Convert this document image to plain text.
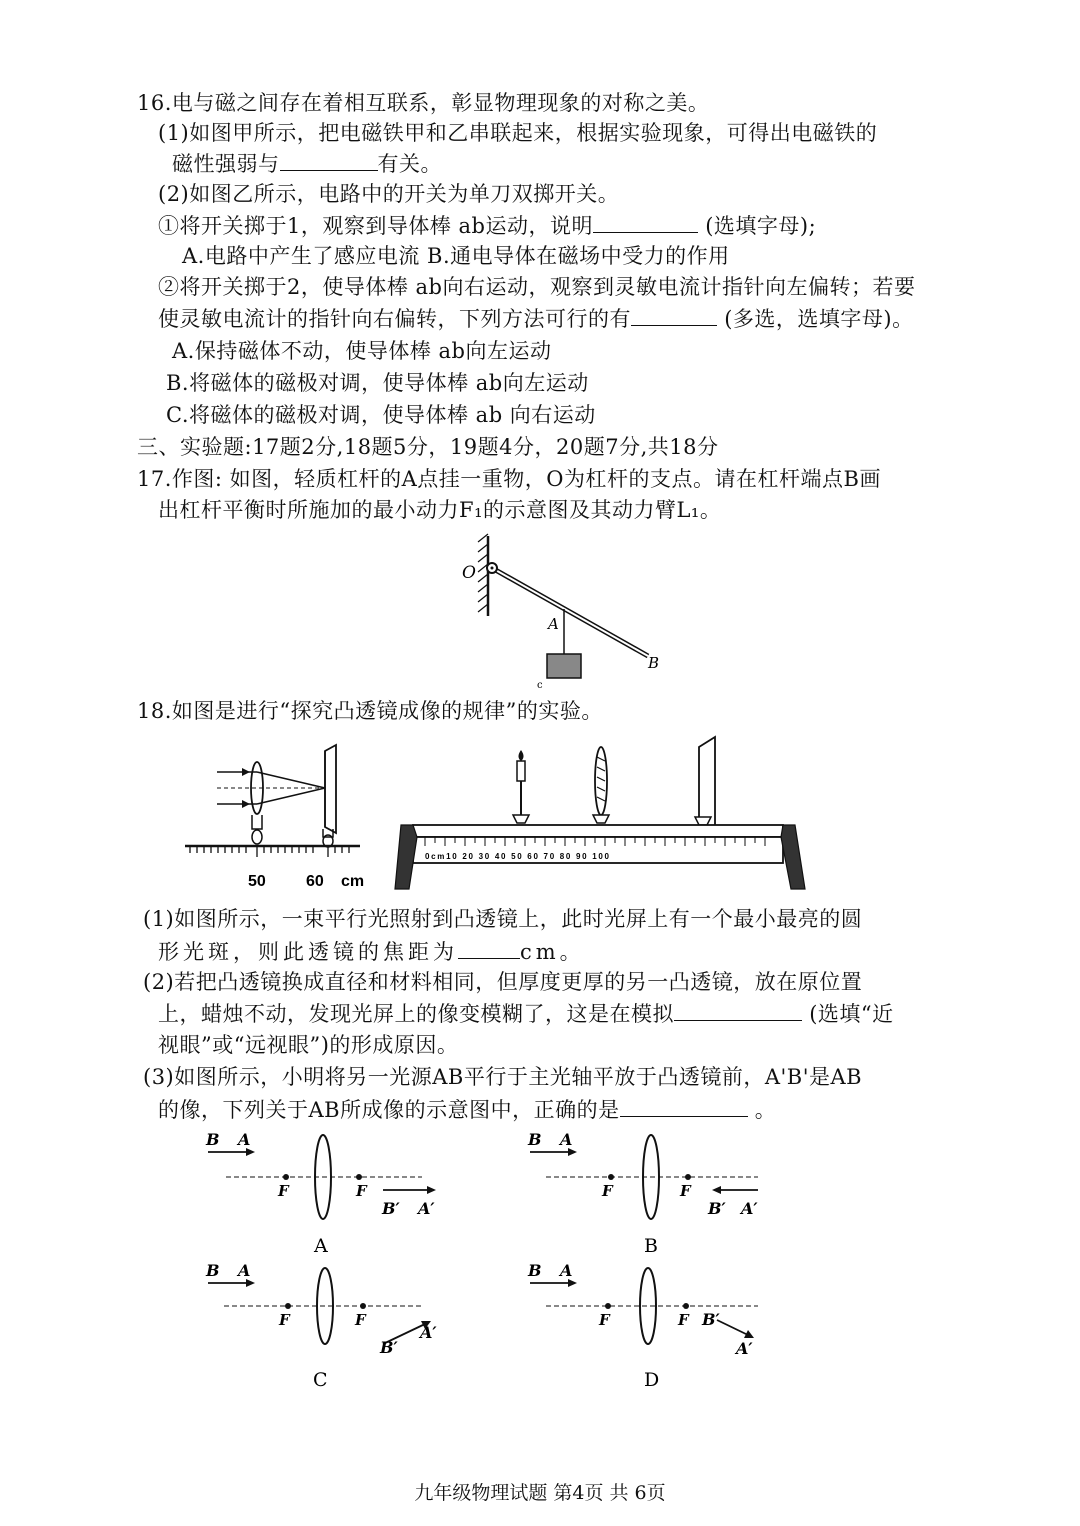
16.电与磁之间存在着相互联系，彰显物理现象的对称之美。
(1)如图甲所示，把电磁铁甲和乙串联起来，根据实验现象，可得出电磁铁的
磁性强弱与	有关。
(2)如图乙所示，电路中的开关为单刀双掷开关。
①将开关掷于1，观察到导体棒 ab运动，说明	(选填字母);
A.电路中产生了感应电流 B.通电导体在磁场中受力的作用
②将开关掷于2，使导体棒 ab向右运动，观察到灵敏电流计指针向左偏转；若要
使灵敏电流计的指针向右偏转，下列方法可行的有	(多选，选填字母)。
A.保持磁体不动，使导体棒 ab向左运动
B.将磁体的磁极对调，使导体棒 ab向左运动
C.将磁体的磁极对调，使导体棒 ab 向右运动
三、实验题:17题2分,18题5分，19题4分，20题7分,共18分
17.作图: 如图，轻质杠杆的A点挂一重物，O为杠杆的支点。请在杠杆端点B画
出杠杆平衡时所施加的最小动力F₁的示意图及其动力臂L₁。
O
A
B
c
18.如图是进行“探究凸透镜成像的规律”的实验。
50	60 cm
0cm10 20 30 40 50 60 70 80 90 100
(1)如图所示，一束平行光照射到凸透镜上，此时光屏上有一个最小最亮的圆
形光斑，则此透镜的焦距为	cm。
(2)若把凸透镜换成直径和材料相同，但厚度更厚的另一凸透镜，放在原位置
上，蜡烛不动，发现光屏上的像变模糊了，这是在模拟	(选填“近
视眼”或“远视眼”)的形成原因。
(3)如图所示，小明将另一光源AB平行于主光轴平放于凸透镜前，A'B'是AB
的像，下列关于AB所成像的示意图中，正确的是	。
B A
F	F
B′ A′
A
B A
F	F
B′ A′
B
B A
F	F
B′
A′
C
B A
F	F B′
A′
D
九年级物理试题 第4页 共 6页
